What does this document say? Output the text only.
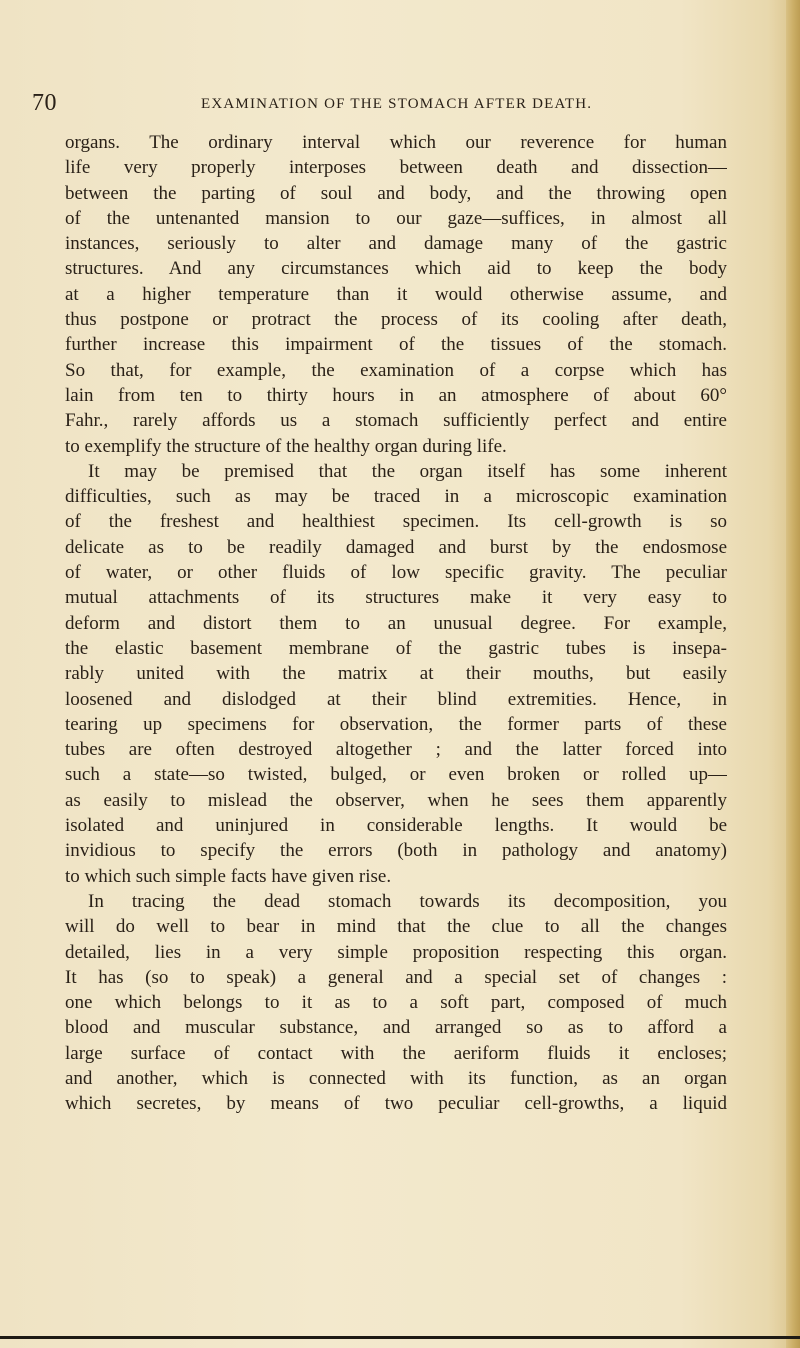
70	EXAMINATION OF THE STOMACH AFTER DEATH.
organs. The ordinary interval which our reverence for human
life very properly interposes between death and dissection—
between the parting of soul and body, and the throwing open
of the untenanted mansion to our gaze—suffices, in almost all
instances, seriously to alter and damage many of the gastric
structures. And any circumstances which aid to keep the body
at a higher temperature than it would otherwise assume, and
thus postpone or protract the process of its cooling after death,
further increase this impairment of the tissues of the stomach.
So that, for example, the examination of a corpse which has
lain from ten to thirty hours in an atmosphere of about 60°
Fahr., rarely affords us a stomach sufficiently perfect and entire
to exemplify the structure of the healthy organ during life.
It may be premised that the organ itself has some inherent
difficulties, such as may be traced in a microscopic examination
of the freshest and healthiest specimen. Its cell-growth is so
delicate as to be readily damaged and burst by the endosmose
of water, or other fluids of low specific gravity. The peculiar
mutual attachments of its structures make it very easy to
deform and distort them to an unusual degree. For example,
the elastic basement membrane of the gastric tubes is insepa-
rably united with the matrix at their mouths, but easily
loosened and dislodged at their blind extremities. Hence, in
tearing up specimens for observation, the former parts of these
tubes are often destroyed altogether ; and the latter forced into
such a state—so twisted, bulged, or even broken or rolled up—
as easily to mislead the observer, when he sees them apparently
isolated and uninjured in considerable lengths. It would be
invidious to specify the errors (both in pathology and anatomy)
to which such simple facts have given rise.
In tracing the dead stomach towards its decomposition, you
will do well to bear in mind that the clue to all the changes
detailed, lies in a very simple proposition respecting this organ.
It has (so to speak) a general and a special set of changes :
one which belongs to it as to a soft part, composed of much
blood and muscular substance, and arranged so as to afford a
large surface of contact with the aeriform fluids it encloses;
and another, which is connected with its function, as an organ
which secretes, by means of two peculiar cell-growths, a liquid
